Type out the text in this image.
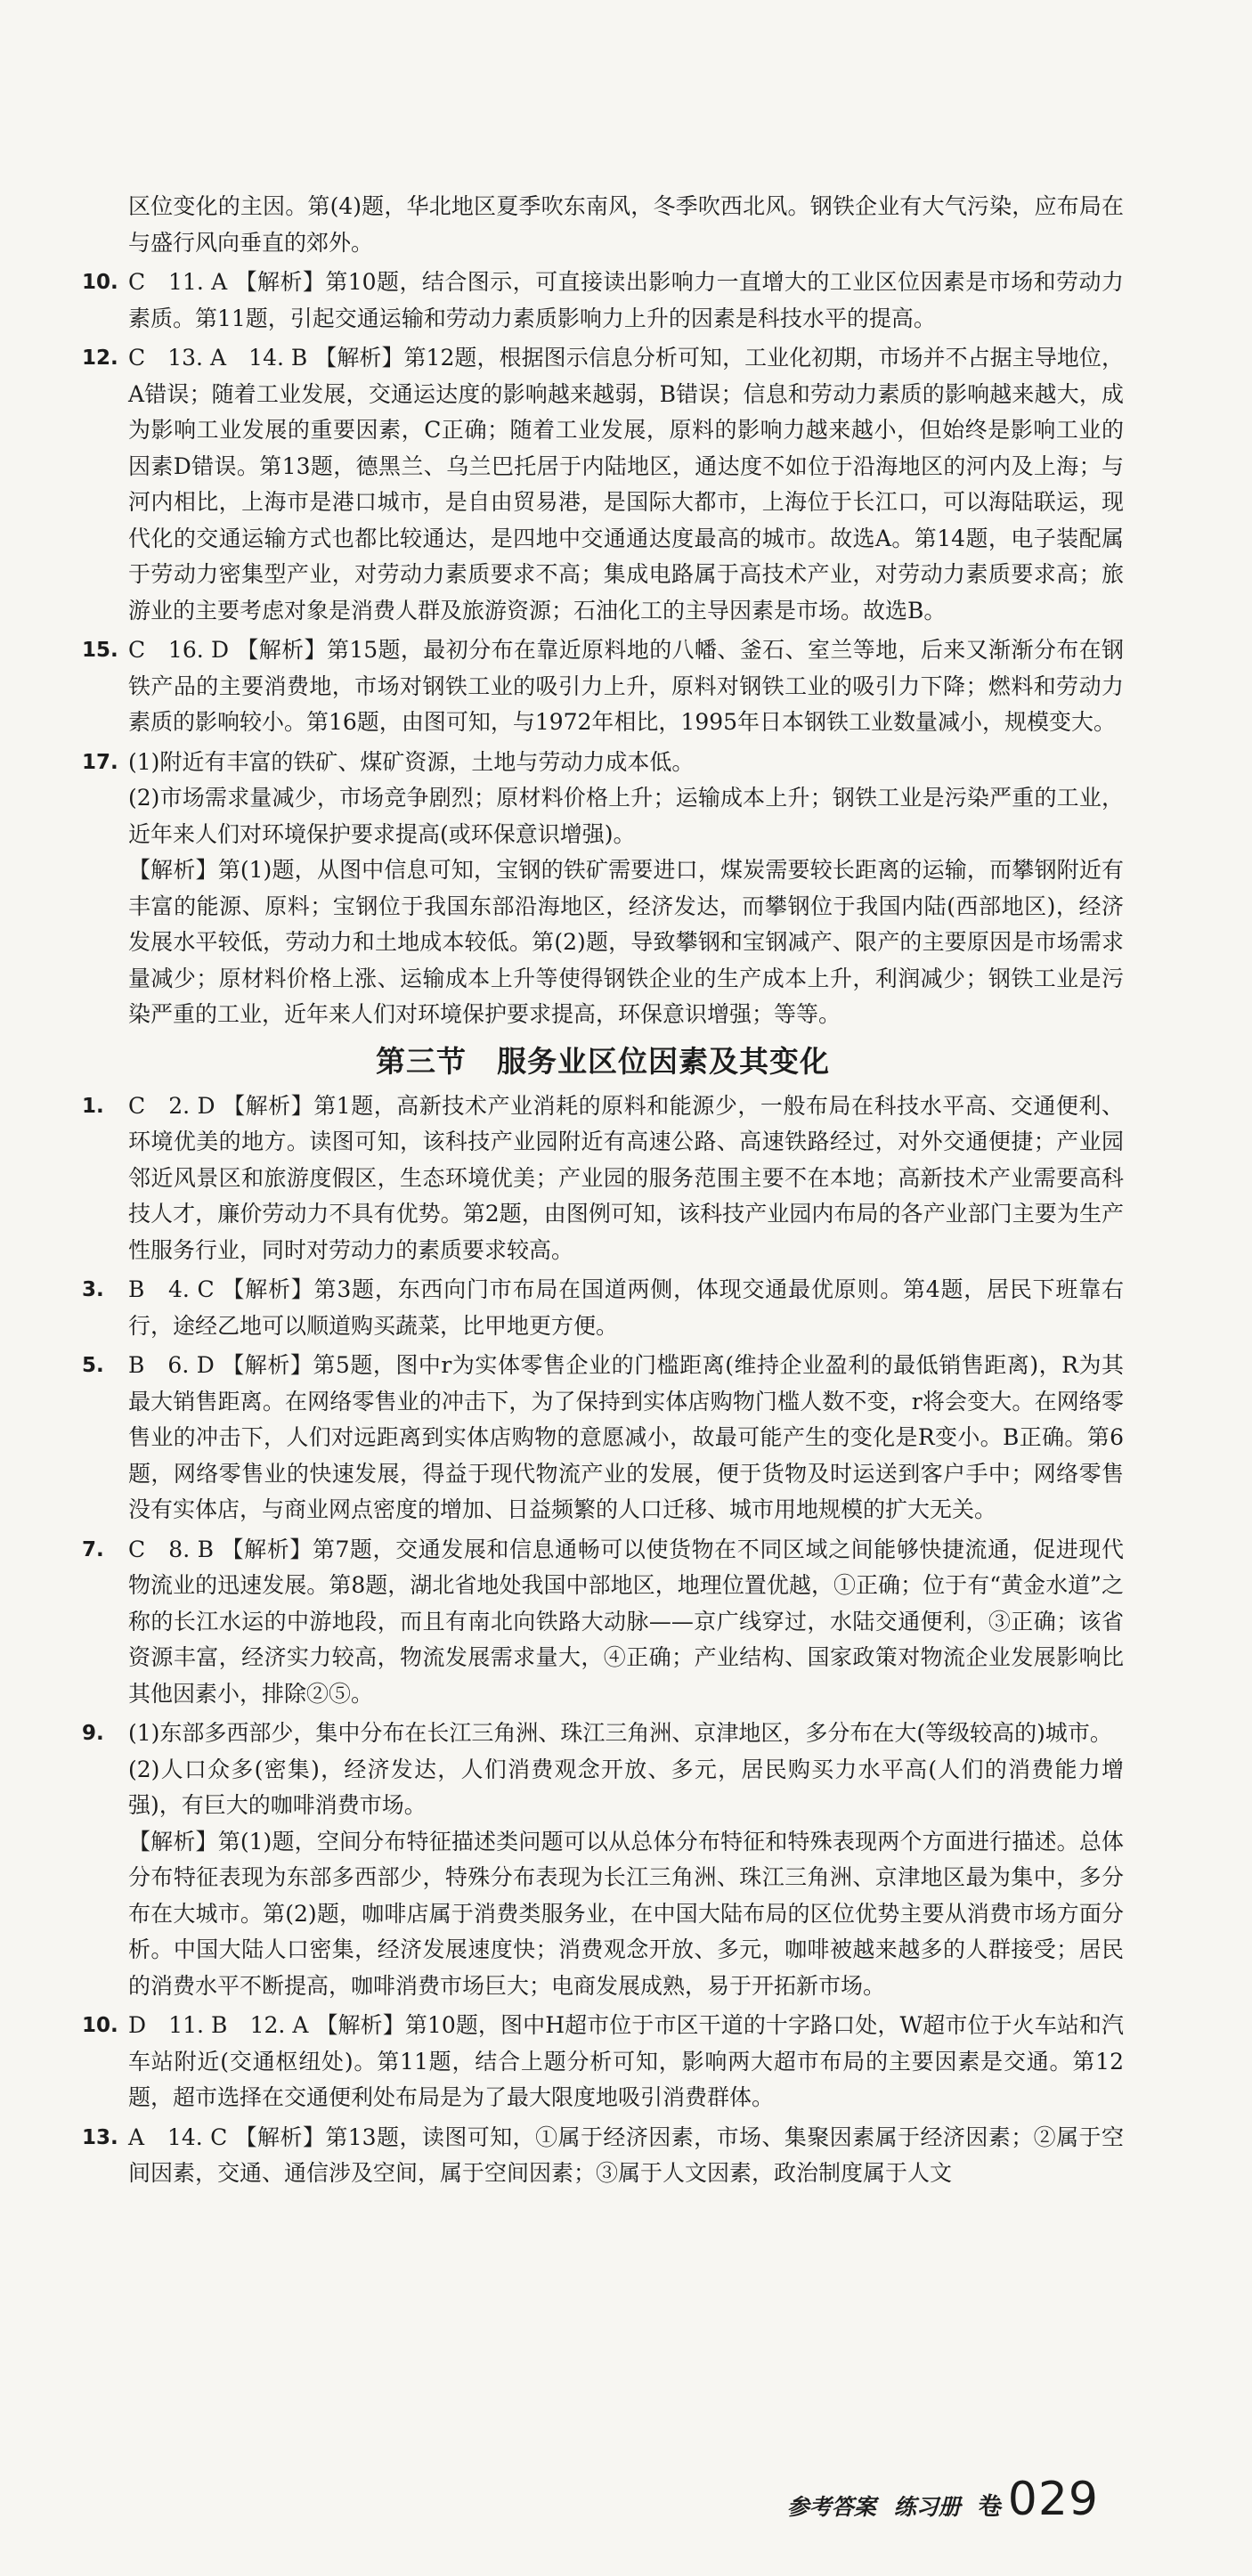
区位变化的主因。第(4)题，华北地区夏季吹东南风，冬季吹西北风。钢铁企业有大气污染，应布局在与盛行风向垂直的郊外。

10. C　11. A 【解析】第10题，结合图示，可直接读出影响力一直增大的工业区位因素是市场和劳动力素质。第11题，引起交通运输和劳动力素质影响力上升的因素是科技水平的提高。

12. C　13. A　14. B 【解析】第12题，根据图示信息分析可知，工业化初期，市场并不占据主导地位，A错误；随着工业发展，交通运达度的影响越来越弱，B错误；信息和劳动力素质的影响越来越大，成为影响工业发展的重要因素，C正确；随着工业发展，原料的影响力越来越小，但始终是影响工业的因素D错误。第13题，德黑兰、乌兰巴托居于内陆地区，通达度不如位于沿海地区的河内及上海；与河内相比，上海市是港口城市，是自由贸易港，是国际大都市，上海位于长江口，可以海陆联运，现代化的交通运输方式也都比较通达，是四地中交通通达度最高的城市。故选A。第14题，电子装配属于劳动力密集型产业，对劳动力素质要求不高；集成电路属于高技术产业，对劳动力素质要求高；旅游业的主要考虑对象是消费人群及旅游资源；石油化工的主导因素是市场。故选B。

15. C　16. D 【解析】第15题，最初分布在靠近原料地的八幡、釜石、室兰等地，后来又渐渐分布在钢铁产品的主要消费地，市场对钢铁工业的吸引力上升，原料对钢铁工业的吸引力下降；燃料和劳动力素质的影响较小。第16题，由图可知，与1972年相比，1995年日本钢铁工业数量减小，规模变大。

17. (1)附近有丰富的铁矿、煤矿资源，土地与劳动力成本低。

(2)市场需求量减少，市场竞争剧烈；原材料价格上升；运输成本上升；钢铁工业是污染严重的工业，近年来人们对环境保护要求提高(或环保意识增强)。

【解析】第(1)题，从图中信息可知，宝钢的铁矿需要进口，煤炭需要较长距离的运输，而攀钢附近有丰富的能源、原料；宝钢位于我国东部沿海地区，经济发达，而攀钢位于我国内陆(西部地区)，经济发展水平较低，劳动力和土地成本较低。第(2)题，导致攀钢和宝钢减产、限产的主要原因是市场需求量减少；原材料价格上涨、运输成本上升等使得钢铁企业的生产成本上升，利润减少；钢铁工业是污染严重的工业，近年来人们对环境保护要求提高，环保意识增强；等等。

第三节　服务业区位因素及其变化
1.	C　2. D 【解析】第1题，高新技术产业消耗的原料和能源少，一般布局在科技水平高、交通便利、环境优美的地方。读图可知，该科技产业园附近有高速公路、高速铁路经过，对外交通便捷；产业园邻近风景区和旅游度假区，生态环境优美；产业园的服务范围主要不在本地；高新技术产业需要高科技人才，廉价劳动力不具有优势。第2题，由图例可知，该科技产业园内布局的各产业部门主要为生产性服务行业，同时对劳动力的素质要求较高。

3.	B　4. C 【解析】第3题，东西向门市布局在国道两侧，体现交通最优原则。第4题，居民下班靠右行，途经乙地可以顺道购买蔬菜，比甲地更方便。

5.	B　6. D 【解析】第5题，图中r为实体零售企业的门槛距离(维持企业盈利的最低销售距离)，R为其最大销售距离。在网络零售业的冲击下，为了保持到实体店购物门槛人数不变，r将会变大。在网络零售业的冲击下，人们对远距离到实体店购物的意愿减小，故最可能产生的变化是R变小。B正确。第6题，网络零售业的快速发展，得益于现代物流产业的发展，便于货物及时运送到客户手中；网络零售没有实体店，与商业网点密度的增加、日益频繁的人口迁移、城市用地规模的扩大无关。

7.	C　8. B 【解析】第7题，交通发展和信息通畅可以使货物在不同区域之间能够快捷流通，促进现代物流业的迅速发展。第8题，湖北省地处我国中部地区，地理位置优越，①正确；位于有“黄金水道”之称的长江水运的中游地段，而且有南北向铁路大动脉——京广线穿过，水陆交通便利，③正确；该省资源丰富，经济实力较高，物流发展需求量大，④正确；产业结构、国家政策对物流企业发展影响比其他因素小，排除②⑤。

9.	(1)东部多西部少，集中分布在长江三角洲、珠江三角洲、京津地区，多分布在大(等级较高的)城市。

(2)人口众多(密集)，经济发达，人们消费观念开放、多元，居民购买力水平高(人们的消费能力增强)，有巨大的咖啡消费市场。

【解析】第(1)题，空间分布特征描述类问题可以从总体分布特征和特殊表现两个方面进行描述。总体分布特征表现为东部多西部少，特殊分布表现为长江三角洲、珠江三角洲、京津地区最为集中，多分布在大城市。第(2)题，咖啡店属于消费类服务业，在中国大陆布局的区位优势主要从消费市场方面分析。中国大陆人口密集，经济发展速度快；消费观念开放、多元，咖啡被越来越多的人群接受；居民的消费水平不断提高，咖啡消费市场巨大；电商发展成熟，易于开拓新市场。

10. D　11. B　12. A 【解析】第10题，图中H超市位于市区干道的十字路口处，W超市位于火车站和汽车站附近(交通枢纽处)。第11题，结合上题分析可知，影响两大超市布局的主要因素是交通。第12题，超市选择在交通便利处布局是为了最大限度地吸引消费群体。

13. A　14. C 【解析】第13题，读图可知，①属于经济因素，市场、集聚因素属于经济因素；②属于空间因素，交通、通信涉及空间，属于空间因素；③属于人文因素，政治制度属于人文

参考答案 练习册 卷 029
